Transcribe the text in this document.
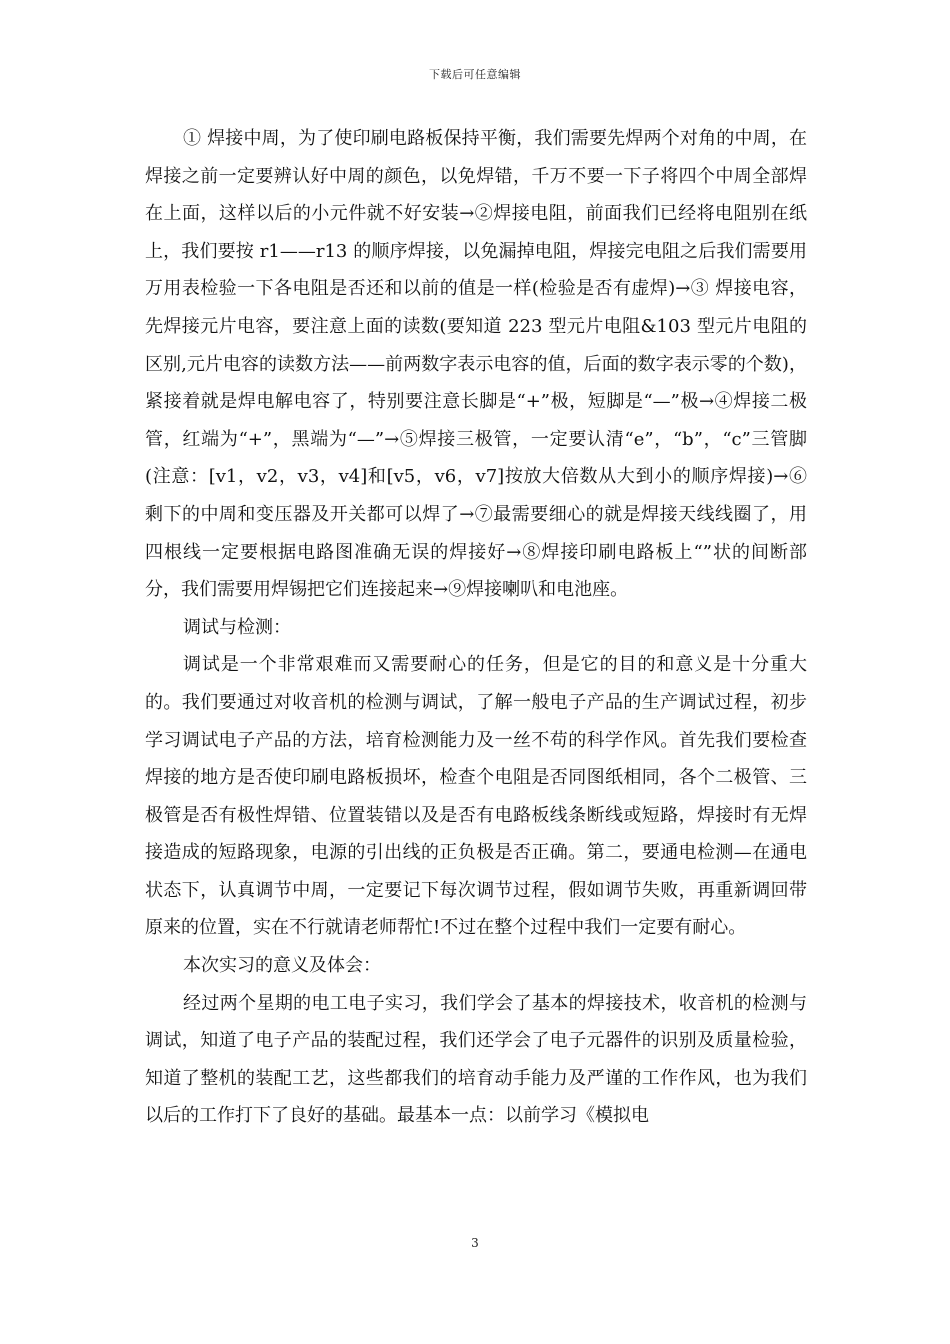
下载后可任意编辑

① 焊接中周，为了使印刷电路板保持平衡，我们需要先焊两个对角的中周，在焊接之前一定要辨认好中周的颜色，以免焊错，千万不要一下子将四个中周全部焊在上面，这样以后的小元件就不好安装→②焊接电阻，前面我们已经将电阻别在纸上，我们要按 r1——r13 的顺序焊接，以免漏掉电阻，焊接完电阻之后我们需要用万用表检验一下各电阻是否还和以前的值是一样(检验是否有虚焊)→③ 焊接电容，先焊接元片电容，要注意上面的读数(要知道 223 型元片电阻&103 型元片电阻的区别,元片电容的读数方法——前两数字表示电容的值，后面的数字表示零的个数)，紧接着就是焊电解电容了，特别要注意长脚是“+”极，短脚是“—”极→④焊接二极管，红端为“+”，黑端为“—”→⑤焊接三极管，一定要认清“e”，“b”，“c”三管脚(注意：[v1，v2，v3，v4]和[v5，v6，v7]按放大倍数从大到小的顺序焊接)→⑥ 剩下的中周和变压器及开关都可以焊了→⑦最需要细心的就是焊接天线线圈了，用四根线一定要根据电路图准确无误的焊接好→⑧焊接印刷电路板上“”状的间断部分，我们需要用焊锡把它们连接起来→⑨焊接喇叭和电池座。

调试与检测：

调试是一个非常艰难而又需要耐心的任务，但是它的目的和意义是十分重大的。我们要通过对收音机的检测与调试，了解一般电子产品的生产调试过程，初步学习调试电子产品的方法，培育检测能力及一丝不苟的科学作风。首先我们要检查焊接的地方是否使印刷电路板损坏，检查个电阻是否同图纸相同，各个二极管、三极管是否有极性焊错、位置装错以及是否有电路板线条断线或短路，焊接时有无焊接造成的短路现象，电源的引出线的正负极是否正确。第二，要通电检测—在通电状态下，认真调节中周，一定要记下每次调节过程，假如调节失败，再重新调回带原来的位置，实在不行就请老师帮忙!不过在整个过程中我们一定要有耐心。

本次实习的意义及体会：

经过两个星期的电工电子实习，我们学会了基本的焊接技术，收音机的检测与调试，知道了电子产品的装配过程，我们还学会了电子元器件的识别及质量检验，知道了整机的装配工艺，这些都我们的培育动手能力及严谨的工作作风，也为我们以后的工作打下了良好的基础。最基本一点：以前学习《模拟电

3
